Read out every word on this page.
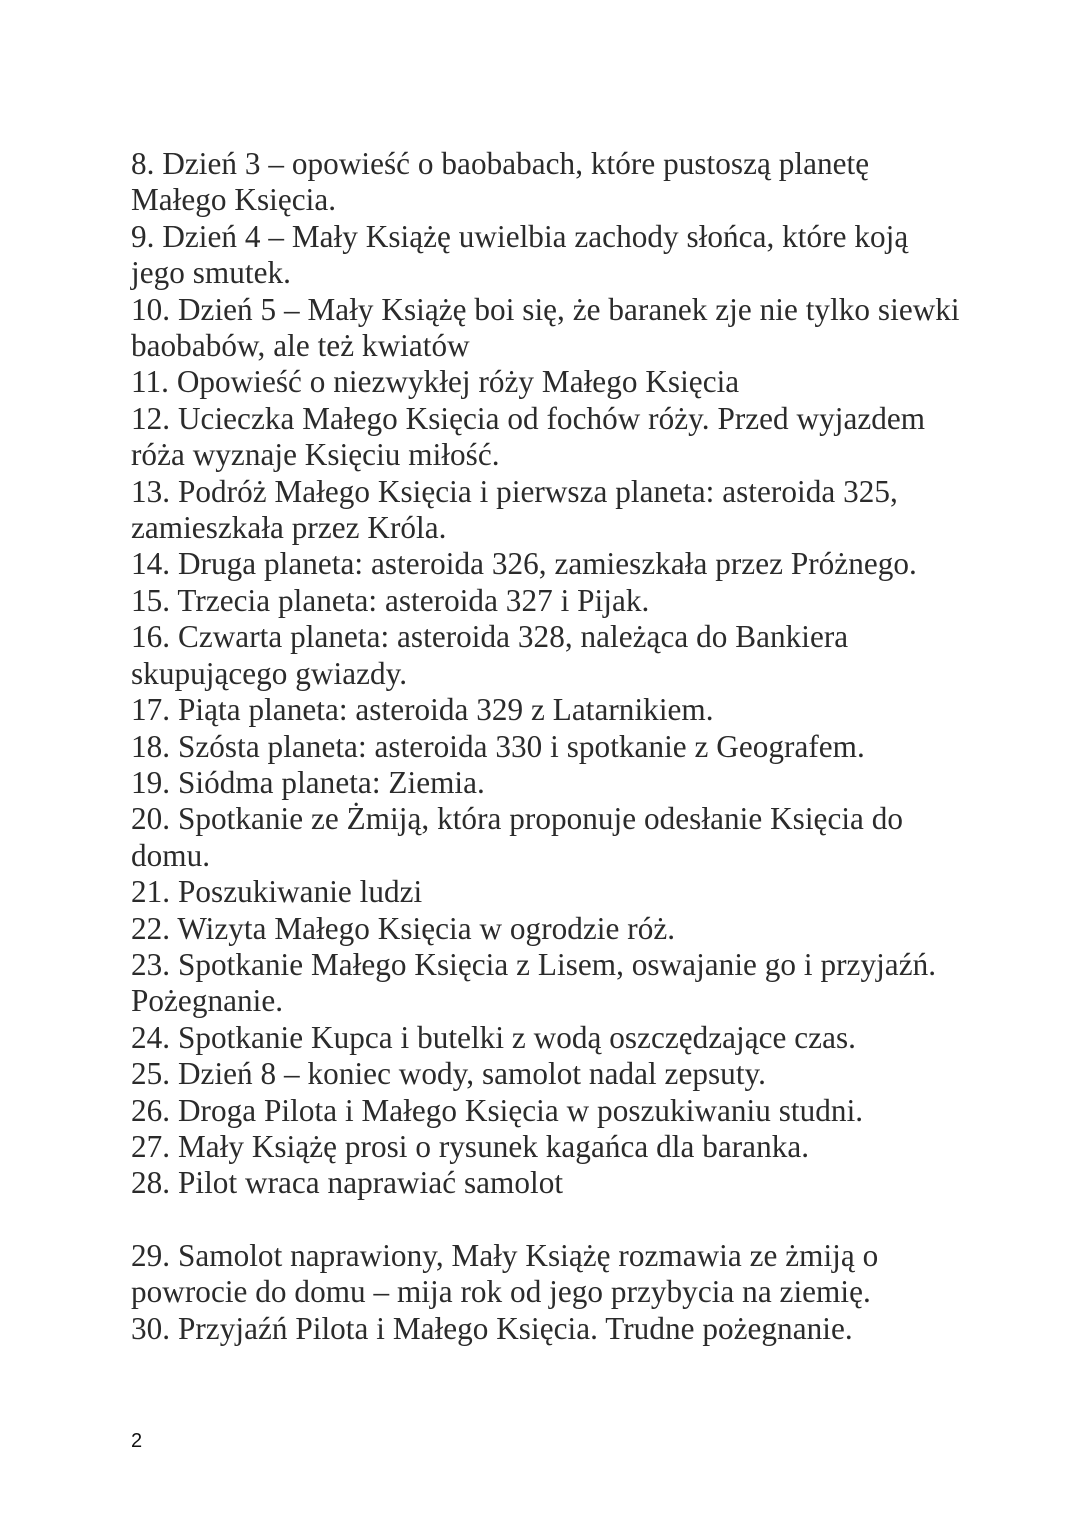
8. Dzień 3 – opowieść o baobabach, które pustoszą planetę Małego Księcia.

9. Dzień 4 – Mały Książę uwielbia zachody słońca, które koją jego smutek.

10. Dzień 5 – Mały Książę boi się, że baranek zje nie tylko siewki baobabów, ale też kwiatów

11. Opowieść o niezwykłej róży Małego Księcia

12. Ucieczka Małego Księcia od fochów róży. Przed wyjazdem róża wyznaje Księciu miłość.

13. Podróż Małego Księcia i pierwsza planeta: asteroida 325, zamieszkała przez Króla.

14. Druga planeta: asteroida 326, zamieszkała przez Próżnego.

15. Trzecia planeta: asteroida 327 i Pijak.

16. Czwarta planeta: asteroida 328, należąca do Bankiera skupującego gwiazdy.

17. Piąta planeta: asteroida 329 z Latarnikiem.

18. Szósta planeta: asteroida 330 i spotkanie z Geografem.

19. Siódma planeta: Ziemia.

20. Spotkanie ze Żmiją, która proponuje odesłanie Księcia do domu.

21. Poszukiwanie ludzi

22. Wizyta Małego Księcia w ogrodzie róż.

23. Spotkanie Małego Księcia z Lisem, oswajanie go i przyjaźń. Pożegnanie.

24. Spotkanie Kupca i butelki z wodą oszczędzające czas.

25. Dzień 8 – koniec wody, samolot nadal zepsuty.

26. Droga Pilota i Małego Księcia w poszukiwaniu studni.

27. Mały Książę prosi o rysunek kagańca dla baranka.

28. Pilot wraca naprawiać samolot

29. Samolot naprawiony, Mały Książę rozmawia ze żmiją o powrocie do domu – mija rok od jego przybycia na ziemię.

30. Przyjaźń Pilota i Małego Księcia. Trudne pożegnanie.

2
